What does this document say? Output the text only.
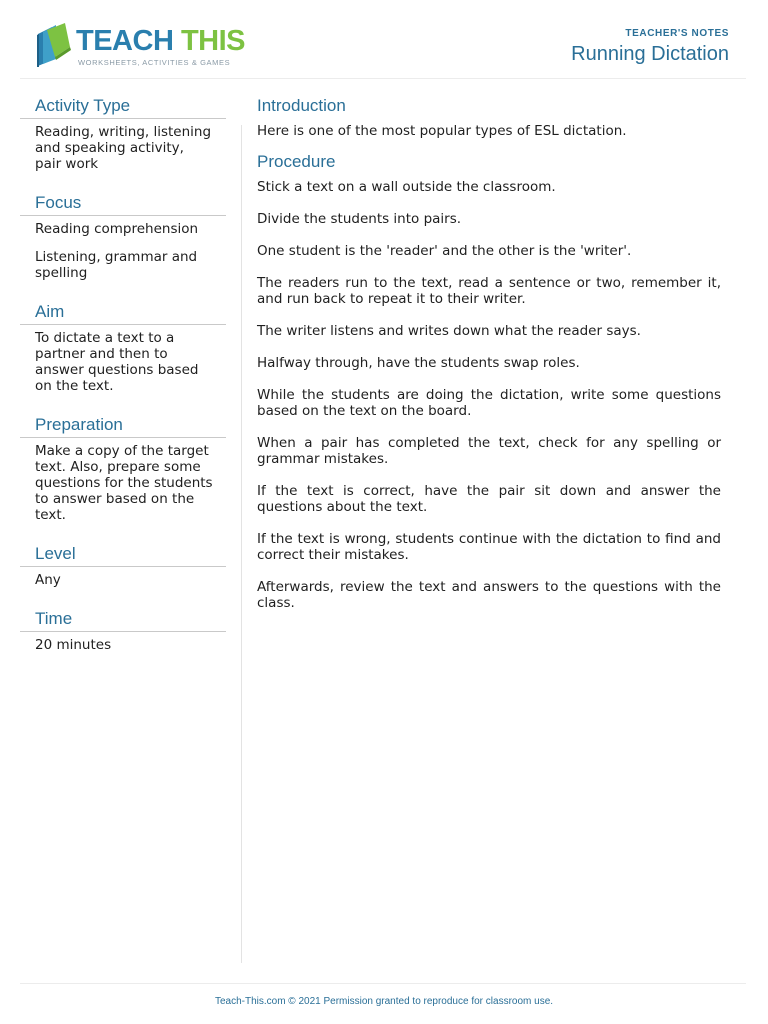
TEACH THIS
WORKSHEETS, ACTIVITIES & GAMES
TEACHER'S NOTES
Running Dictation
Activity Type

Reading, writing, listening and speaking activity, pair work

Focus

Reading comprehension

Listening, grammar and spelling

Aim

To dictate a text to a partner and then to answer questions based on the text.

Preparation

Make a copy of the target text. Also, prepare some questions for the students to answer based on the text.

Level

Any

Time

20 minutes

Introduction

Here is one of the most popular types of ESL dictation.

Procedure

Stick a text on a wall outside the classroom.

Divide the students into pairs.

One student is the 'reader' and the other is the 'writer'.

The readers run to the text, read a sentence or two, remember it, and run back to repeat it to their writer.

The writer listens and writes down what the reader says.

Halfway through, have the students swap roles.

While the students are doing the dictation, write some questions based on the text on the board.

When a pair has completed the text, check for any spelling or grammar mistakes.

If the text is correct, have the pair sit down and answer the questions about the text.

If the text is wrong, students continue with the dictation to find and correct their mistakes.

Afterwards, review the text and answers to the questions with the class.

Teach-This.com © 2021 Permission granted to reproduce for classroom use.
